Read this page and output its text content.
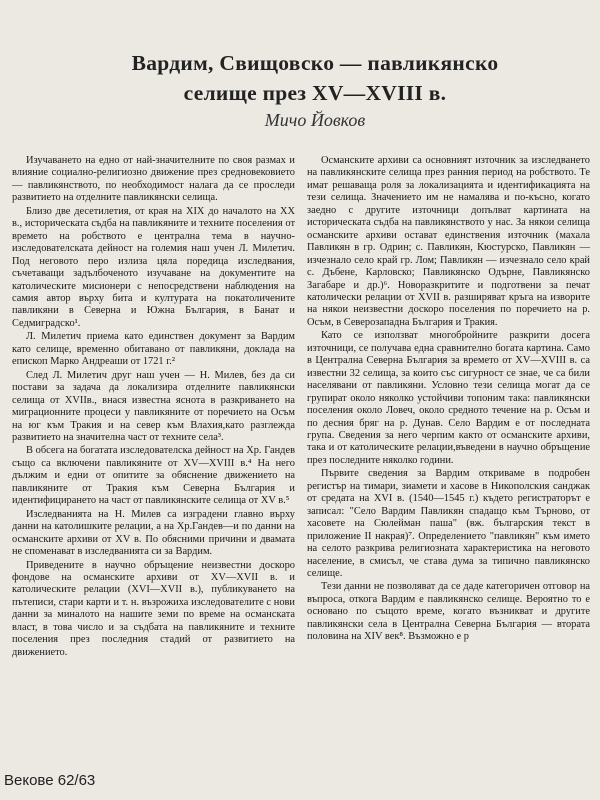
Вардим, Свищовско — павликянско
селище през XV—XVIII в.
Мичо Йовков

Изучаването на едно от най-значителните по своя размах и влияние социално-религиозно движение през средновековието — павликянството, по необходимост налага да се проследи развитието на отделните павликянски селища.

Близо две десетилетия, от края на XIX до началото на XX в., историческата съдба на павликяните и техните поселения от времето на робството е централна тема в научно-изследователската дейност на големия наш учен Л. Милетич. Под неговото перо излиза цяла поредица изследвания, съчетаващи задълбоченото изучаване на документите на католическите мисионери с непосредствени наблюдения на самия автор върху бита и културата на покатоличените павликяни в Северна и Южна България, в Банат и Седмиградско¹.

Л. Милетич приема като единствен документ за Вардим като селище, временно обитавано от павликяни, доклада на епископ Марко Андреаши от 1721 г.²

След Л. Милетич друг наш учен — Н. Милев, без да си постави за задача да локализира отделните павликянски селища от XVIIв., внася известна яснота в разкриването на миграционните процеси у павликяните от поречието на Осъм на юг към Тракия и на север към Влахия,като разглежда развитието на значителна част от техните села³.

В обсега на богатата изследователска дейност на Хр. Гандев също са включени павликяните от XV—XVIII в.⁴ На него дължим и едни от опитите за обяснение движението на павликяните от Тракия към Северна България и идентифицирането на част от павликянските селища от XV в.⁵

Изследванията на Н. Милев са изградени главно върху данни на католишките релации, а на Хр.Гандев—и по данни на османските архиви от XV в. По обясними причини и двамата не споменават в изследванията си за Вардим.

Приведените в научно обръщение неизвестни доскоро фондове на османските архиви от XV—XVII в. и католическите релации (XVI—XVII в.), публикуването на пътеписи, стари карти и т. н. възрожиха изследователите с нови данни за миналото на нашите земи по време на османската власт, в това число и за съдбата на павликяните и техните поселения през последния стадий от развитието на движението.

Османските архиви са основният източник за изследването на павликянските селища през ранния период на робството. Те имат решаваща роля за локализацията и идентификацията на тези селища. Значението им не намалява и по-късно, когато заедно с другите източници допълват картината на историческата съдба на павликянството у нас. За някои селища османските архиви остават единствения източник (махала Павликян в гр. Одрин; с. Павликян, Кюстурско, Павликян — изчезнало село край гр. Лом; Павликян — изчезнало село край с. Дъбене, Карловско; Павликянско Одърне, Павликянско Загабаре и др.)⁶. Новоразкритите и подготвени за печат католически релации от XVII в. разширяват кръга на изворите на някои неизвестни доскоро поселения по поречието на р. Осъм, в Северозападна България и Тракия.

Като се използват многобройните разкрити досега източници, се получава една сравнително богата картина. Само в Централна Северна България за времето от XV—XVIII в. са известни 32 селища, за които със сигурност се знае, че са били населявани от павликяни. Условно тези селища могат да се групират около няколко устойчиви топоним така: павликянски поселения около Ловеч, около средното течение на р. Осъм и по десния бряг на р. Дунав. Село Вардим е от последната група. Сведения за него черпим както от османските архиви, така и от католическите релации,въведени в научно обръщение през последните няколко години.

Първите сведения за Вардим откриваме в подробен регистър на тимари, зиамети и хасове в Никополския санджак от средата на XVI в. (1540—1545 г.) където регистраторът е записал: "Село Вардим Павликян спадащо към Търново, от хасовете на Сюлейман паша" (вж. българския текст в приложение II накрая)⁷. Определението "павликян" към името на селото разкрива религиозната характеристика на неговото население, в смисъл, че става дума за типично павликянско селище.

Тези данни не позволяват да се даде категоричен отговор на въпроса, откога Вардим е павликянско селище. Вероятно то е основано по същото време, когато възникват и другите павликянски села в Централна Северна България — втората половина на XIV век⁸. Възможно е р

Векове 62/63
